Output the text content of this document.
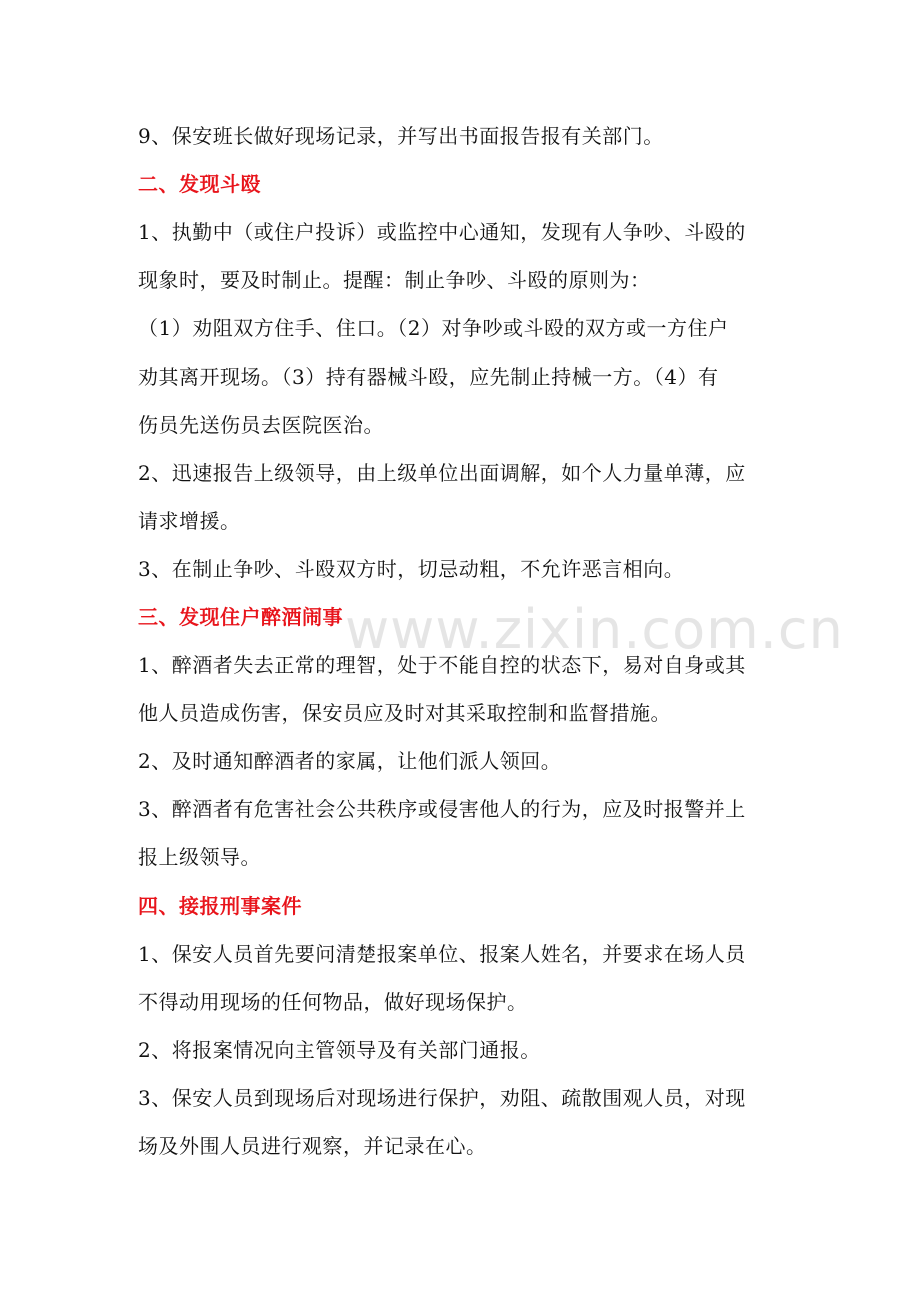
www.zixin.com.cn
9、保安班长做好现场记录，并写出书面报告报有关部门。
二、发现斗殴
1、执勤中（或住户投诉）或监控中心通知，发现有人争吵、斗殴的
现象时，要及时制止。提醒：制止争吵、斗殴的原则为：
（1）劝阻双方住手、住口。（2）对争吵或斗殴的双方或一方住户
劝其离开现场。（3）持有器械斗殴，应先制止持械一方。（4）有
伤员先送伤员去医院医治。
2、迅速报告上级领导，由上级单位出面调解，如个人力量单薄，应
请求增援。
3、在制止争吵、斗殴双方时，切忌动粗，不允许恶言相向。
三、发现住户醉酒闹事
1、醉酒者失去正常的理智，处于不能自控的状态下，易对自身或其
他人员造成伤害，保安员应及时对其采取控制和监督措施。
2、及时通知醉酒者的家属，让他们派人领回。
3、醉酒者有危害社会公共秩序或侵害他人的行为，应及时报警并上
报上级领导。
四、接报刑事案件
1、保安人员首先要问清楚报案单位、报案人姓名，并要求在场人员
不得动用现场的任何物品，做好现场保护。
2、将报案情况向主管领导及有关部门通报。
3、保安人员到现场后对现场进行保护，劝阻、疏散围观人员，对现
场及外围人员进行观察，并记录在心。
